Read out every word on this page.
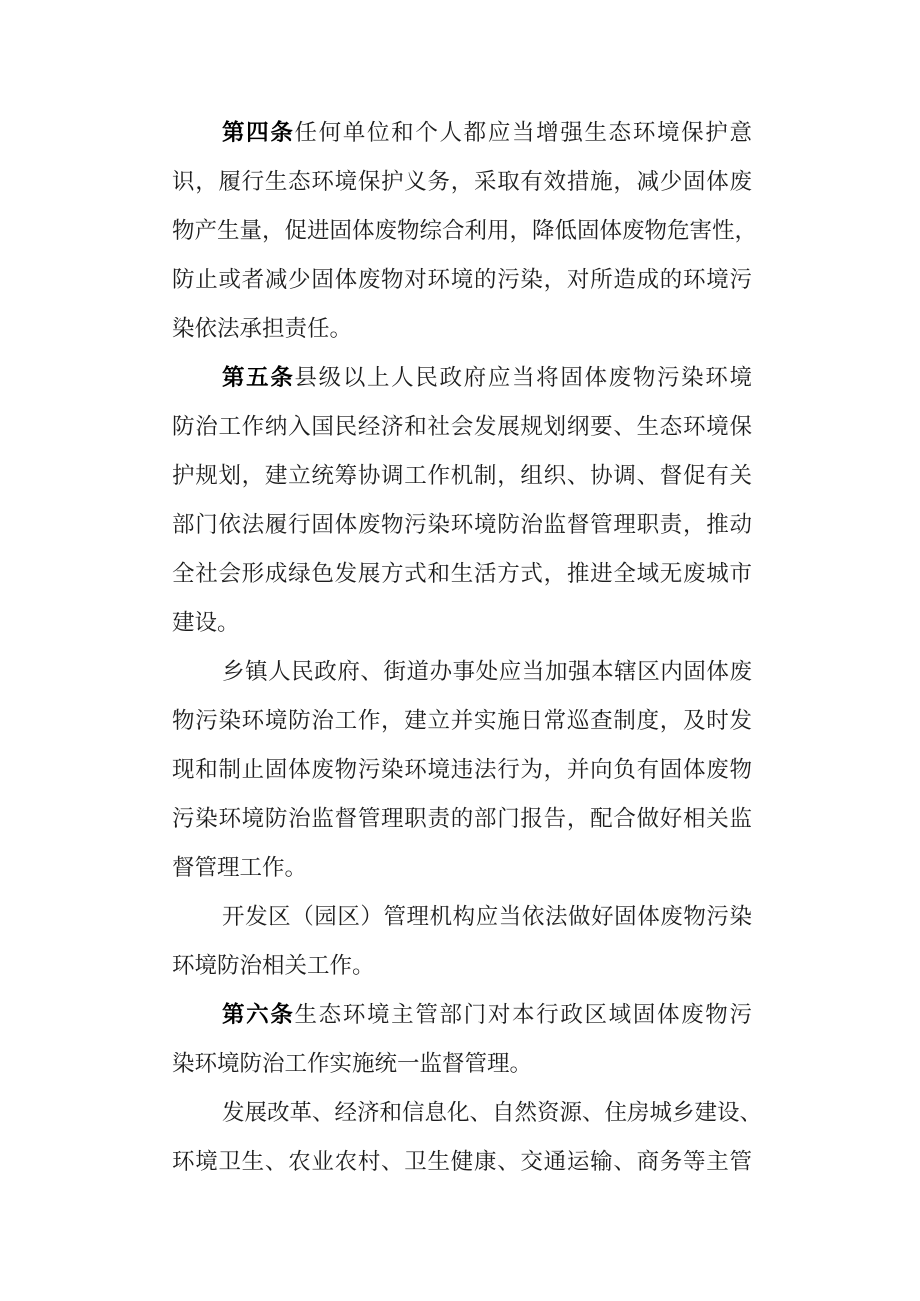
第四条任何单位和个人都应当增强生态环境保护意
识，履行生态环境保护义务，采取有效措施，减少固体废
物产生量，促进固体废物综合利用，降低固体废物危害性，
防止或者减少固体废物对环境的污染，对所造成的环境污
染依法承担责任。
第五条县级以上人民政府应当将固体废物污染环境
防治工作纳入国民经济和社会发展规划纲要、生态环境保
护规划，建立统筹协调工作机制，组织、协调、督促有关
部门依法履行固体废物污染环境防治监督管理职责，推动
全社会形成绿色发展方式和生活方式，推进全域无废城市
建设。
乡镇人民政府、街道办事处应当加强本辖区内固体废
物污染环境防治工作，建立并实施日常巡查制度，及时发
现和制止固体废物污染环境违法行为，并向负有固体废物
污染环境防治监督管理职责的部门报告，配合做好相关监
督管理工作。
开发区（园区）管理机构应当依法做好固体废物污染
环境防治相关工作。
第六条生态环境主管部门对本行政区域固体废物污
染环境防治工作实施统一监督管理。
发展改革、经济和信息化、自然资源、住房城乡建设、
环境卫生、农业农村、卫生健康、交通运输、商务等主管
